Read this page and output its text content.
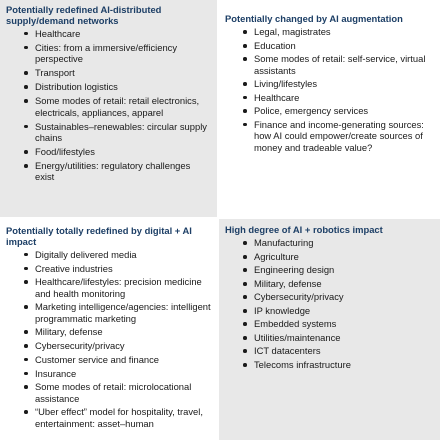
Potentially redefined AI-distributed supply/demand networks
Healthcare
Cities: from a immersive/efficiency perspective
Transport
Distribution logistics
Some modes of retail: retail electronics, electricals, appliances, apparel
Sustainables–renewables: circular supply chains
Food/lifestyles
Energy/utilities: regulatory challenges exist
Potentially changed by AI augmentation
Legal, magistrates
Education
Some modes of retail: self-service, virtual assistants
Living/lifestyles
Healthcare
Police, emergency services
Finance and income-generating sources: how AI could empower/create sources of money and tradeable value?
Potentially totally redefined by digital + AI impact
Digitally delivered media
Creative industries
Healthcare/lifestyles: precision medicine and health monitoring
Marketing intelligence/agencies: intelligent programmatic marketing
Military, defense
Cybersecurity/privacy
Customer service and finance
Insurance
Some modes of retail: microlocational assistance
“Uber effect” model for hospitality, travel, entertainment: asset–human
High degree of AI + robotics impact
Manufacturing
Agriculture
Engineering design
Military, defense
Cybersecurity/privacy
IP knowledge
Embedded systems
Utilities/maintenance
ICT datacenters
Telecoms infrastructure
